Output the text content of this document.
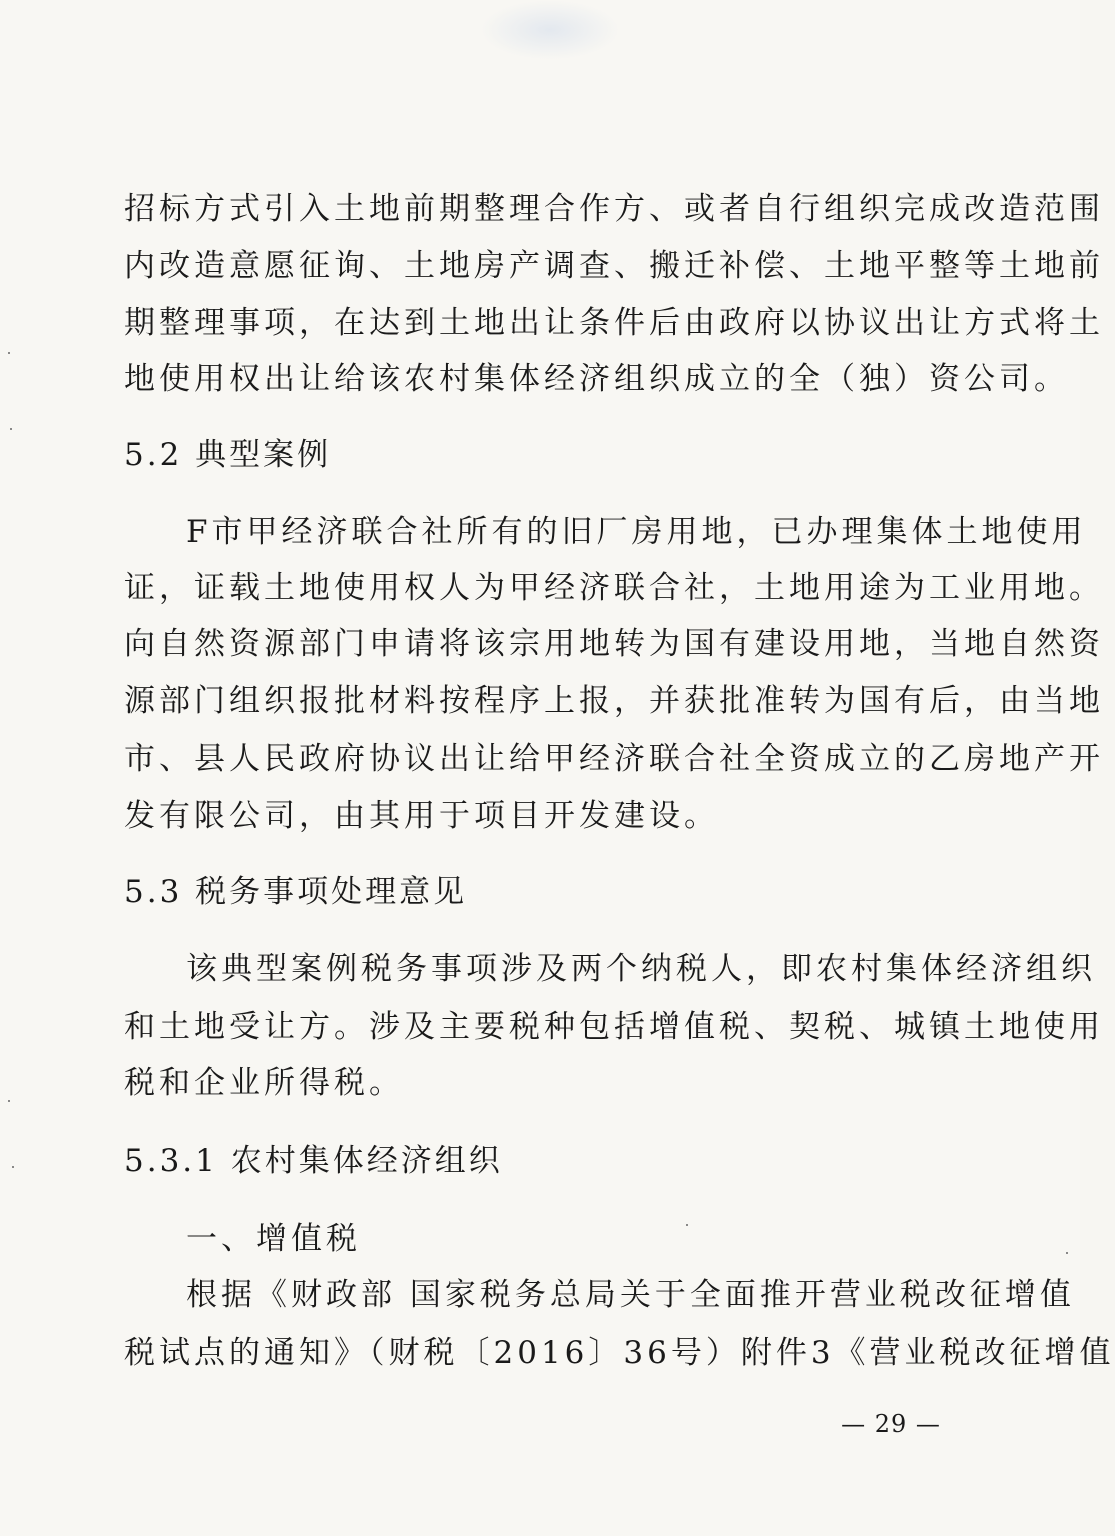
招标方式引入土地前期整理合作方、或者自行组织完成改造范围
内改造意愿征询、土地房产调查、搬迁补偿、土地平整等土地前
期整理事项，在达到土地出让条件后由政府以协议出让方式将土
地使用权出让给该农村集体经济组织成立的全（独）资公司。
5.2 典型案例
F市甲经济联合社所有的旧厂房用地，已办理集体土地使用
证，证载土地使用权人为甲经济联合社，土地用途为工业用地。
向自然资源部门申请将该宗用地转为国有建设用地，当地自然资
源部门组织报批材料按程序上报，并获批准转为国有后，由当地
市、县人民政府协议出让给甲经济联合社全资成立的乙房地产开
发有限公司，由其用于项目开发建设。
5.3 税务事项处理意见
该典型案例税务事项涉及两个纳税人，即农村集体经济组织
和土地受让方。涉及主要税种包括增值税、契税、城镇土地使用
税和企业所得税。
5.3.1 农村集体经济组织
一、增值税
根据《财政部 国家税务总局关于全面推开营业税改征增值
税试点的通知》（财税〔2016〕36号）附件3《营业税改征增值
— 29 —
